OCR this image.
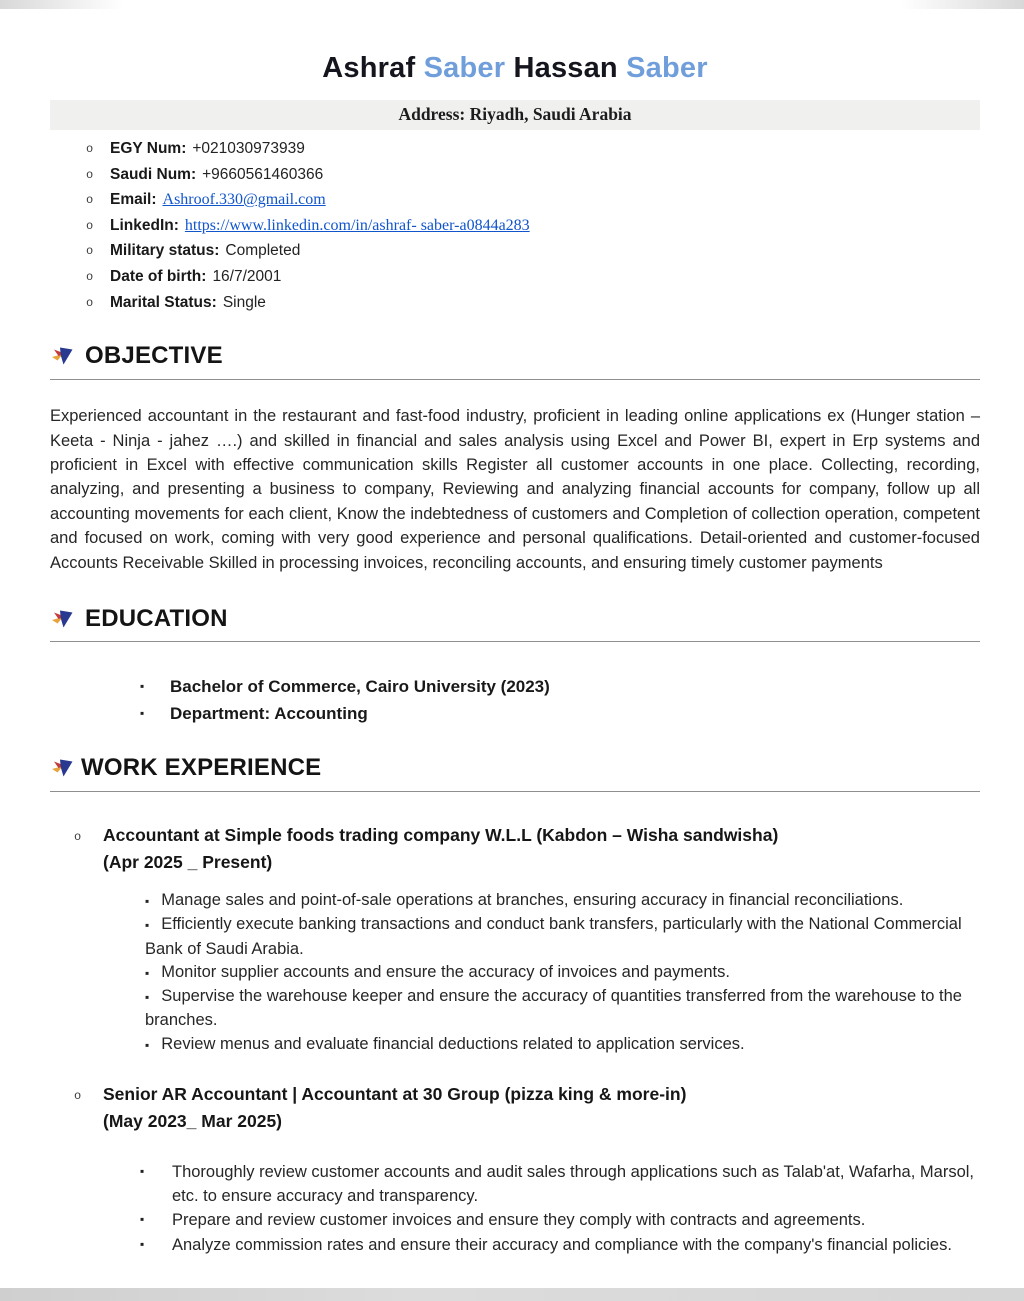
Ashraf Saber Hassan Saber
Address: Riyadh, Saudi Arabia
o	EGY Num: +021030973939
o	Saudi Num: +9660561460366
o	Email: Ashroof.330@gmail.com
o	LinkedIn: https://www.linkedin.com/in/ashraf- saber-a0844a283
o	Military status: Completed
o	Date of birth: 16/7/2001
o	Marital Status: Single
OBJECTIVE

Experienced accountant in the restaurant and fast-food industry, proficient in leading online applications ex (Hunger station – Keeta - Ninja - jahez ….) and skilled in financial and sales analysis using Excel and Power BI, expert in Erp systems and proficient in Excel with effective communication skills Register all customer accounts in one place. Collecting, recording, analyzing, and presenting a business to company, Reviewing and analyzing financial accounts for company, follow up all accounting movements for each client, Know the indebtedness of customers and Completion of collection operation, competent and focused on work, coming with very good experience and personal qualifications. Detail-oriented and customer-focused Accounts Receivable Skilled in processing invoices, reconciling accounts, and ensuring timely customer payments

EDUCATION
▪	Bachelor of Commerce, Cairo University (2023)
▪	Department: Accounting
WORK EXPERIENCE
o	Accountant at Simple foods trading company W.L.L (Kabdon – Wisha sandwisha)
(Apr 2025 _ Present)
▪ Manage sales and point-of-sale operations at branches, ensuring accuracy in financial reconciliations.
▪ Efficiently execute banking transactions and conduct bank transfers, particularly with the National Commercial Bank of Saudi Arabia.
▪ Monitor supplier accounts and ensure the accuracy of invoices and payments.
▪ Supervise the warehouse keeper and ensure the accuracy of quantities transferred from the warehouse to the branches.
▪ Review menus and evaluate financial deductions related to application services.
o	Senior AR Accountant | Accountant at 30 Group (pizza king & more-in)
(May 2023_ Mar 2025)
▪	Thoroughly review customer accounts and audit sales through applications such as Talab'at, Wafarha, Marsol, etc. to ensure accuracy and transparency.
▪	Prepare and review customer invoices and ensure they comply with contracts and agreements.
▪	Analyze commission rates and ensure their accuracy and compliance with the company's financial policies.
